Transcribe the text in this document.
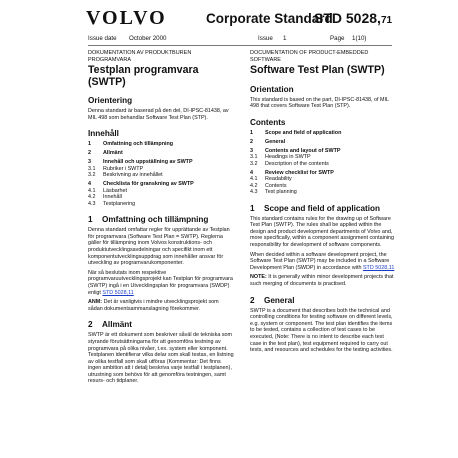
VOLVO	Corporate Standard
STD 5028,71
Issue date October 2000	Issue 1	Page 1(10)
DOKUMENTATION AV PRODUKTBUREN PROGRAMVARA
Testplan programvara (SWTP)
Orientering
Denna standard är baserad på den del, DI-IPSC-81438, av MIL 498 som behandlar Software Test Plan (STP).
Innehåll
1 Omfattning och tillämpning
2 Allmänt
3 Innehåll och uppställning av SWTP
3.1 Rubriker i SWTP
3.2 Beskrivning av innehållet
4 Checklista för granskning av SWTP
4.1 Läsbarhet
4.2 Innehåll
4.3 Testplanering
1 Omfattning och tillämpning
Denna standard omfattar regler för upprättande av Testplan för programvara (Software Test Plan = SWTP). Reglerna gäller för tillämpning inom Volvos konstruktions- och produktutvecklingsavdelningar och specifikt inom ett komponentutvecklingsuppdrag som innehåller ansvar för utveckling av programvarukomponenter.
När så beslutats inom respektive programvaruutvecklingsprojekt kan Testplan för programvara (SWTP) ingå i en Utvecklingsplan för programvara (SWDP) enligt STD 5028,11
ANM: Det är vanligtvis i mindre utvecklingsprojekt som sådan dokumentsammanslagning förekommer.
2 Allmänt
SWTP är ett dokument som beskriver såväl de tekniska som styrande förutsättningarna för att genomföra testning av programvara på olika nivåer, t.ex. system eller komponent. Testplanen identifierar vilka delar som skall testas, en listning av olika testfall som skall utföras (Kommentar: Det finns ingen ambition att i detalj beskriva varje testfall i testplanen), utrustning som behövs för att genomföra testningen, samt resurs- och tidplaner.
DOCUMENTATION OF PRODUCT-EMBEDDED SOFTWARE
Software Test Plan (SWTP)
Orientation
This standard is based on the part, DI-IPSC-81438, of MIL 498 that covers Software Test Plan (STP).
Contents
1 Scope and field of application
2 General
3 Contents and layout of SWTP
3.1 Headings in SWTP
3.2 Description of the contents
4 Review checklist for SWTP
4.1 Readability
4.2 Contents
4.3 Test planning
1 Scope and field of application
This standard contains rules for the drawing up of Software Test Plan (SWTP). The rules shall be applied within the design and product development departments of Volvo and, more specifically, within a component assignment containing responsibility for development of software components.
When decided within a software development project, the Software Test Plan (SWTP) may be included in a Software Development Plan (SWDP) in accordance with STD 5028,11
NOTE: It is generally within minor development projects that such merging of documents is practised.
2 General
SWTP is a document that describes both the technical and controlling conditions for testing software on different levels, e.g. system or component. The test plan identifies the items to be tested, contains a collection of test cases to be executed, (Note: There is no intent to describe each test case in the test plan), test equipment required to carry out tests, and resources and schedules for the testing activities.
